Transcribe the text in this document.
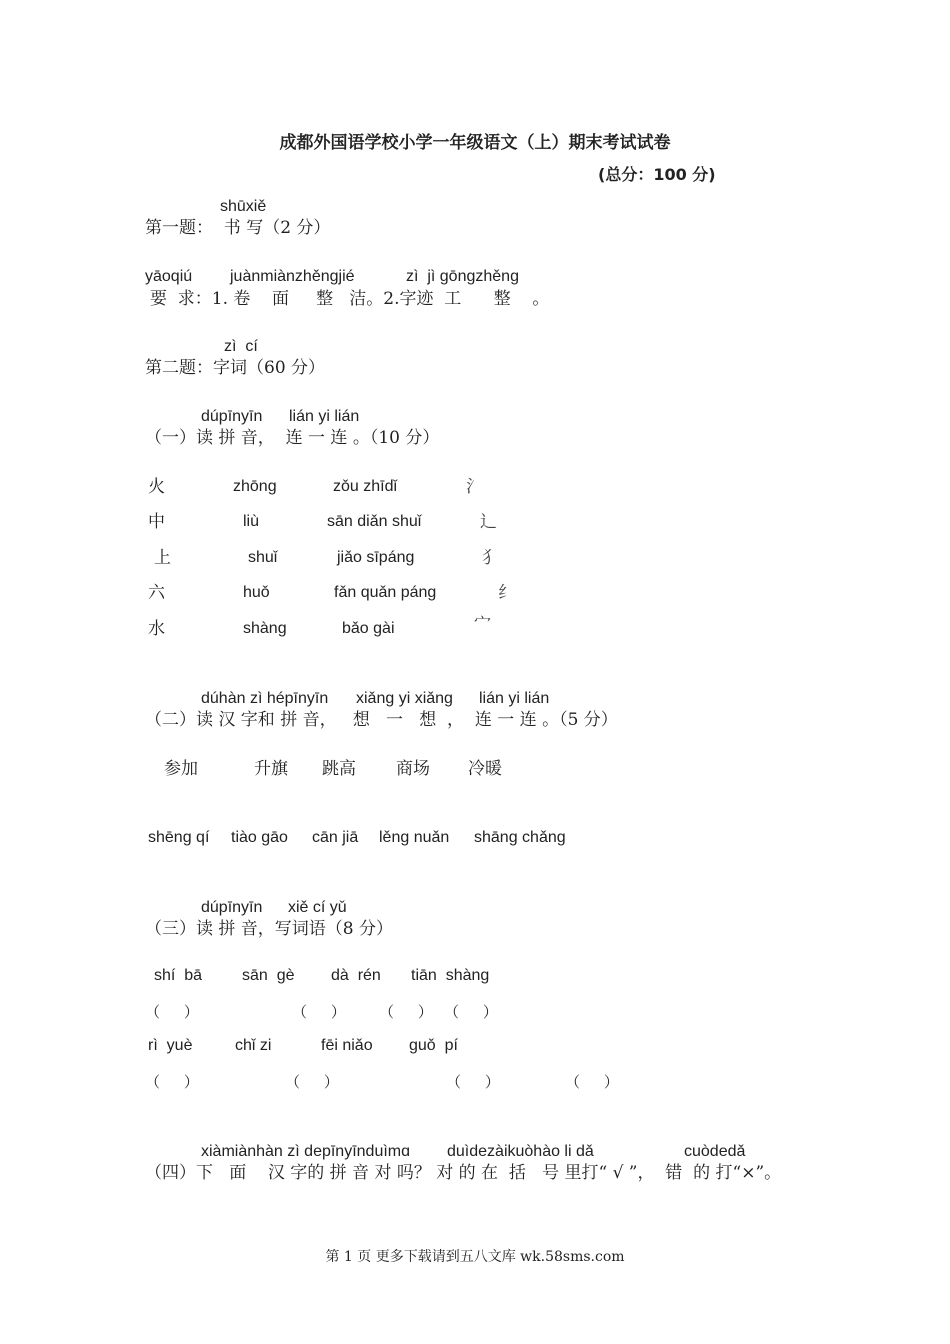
成都外国语学校小学一年级语文（上）期末考试试卷
(总分：100 分)
shūxiě
第一题：  书 写（2 分）
yāoqiú juànmiànzhěngjié	zì  jì gōngzhěng
要  求：1. 卷    面     整   洁。2.字迹  工      整    。
zì  cí
第二题：字词（60 分）
dúpīnyīn lián yi lián
（一）读 拼 音，  连 一 连 。（10 分）
火	zhōng	zǒu zhīdǐ	氵
中	liù	sān diǎn shuǐ	辶
上	shuǐ	jiǎo sīpáng	犭
六	huǒ	fǎn quǎn páng	纟
水	shàng	bǎo gài	宀
dúhàn zì hépīnyīn xiǎng yi xiǎng lián yi lián
（二）读 汉 字和 拼 音，   想   一   想  ，  连 一 连 。（5 分）
参加	升旗 跳高 商场 冷暖
shēng qí tiào gāo cān jiā lěng nuǎn shāng chǎng
dúpīnyīn xiě cí yǔ
（三）读 拼 音，写词语（8 分）
shí  bā sān  gè dà  rén tiān  shàng
（     ）	（     ） （     ） （     ）
rì  yuè	chǐ zi	fēi niǎo guǒ  pí
（     ）	（     ）	（     ）	（     ）
xiàmiànhàn zì depīnyīnduìmɑ duìdezàikuòhào li dǎ	cuòdedǎ
（四）下   面    汉 字的 拼 音 对 吗？ 对 的 在  括   号 里打“ √ ”，  错  的 打“×”。
第 1 页 更多下载请到五八文库 wk.58sms.com
